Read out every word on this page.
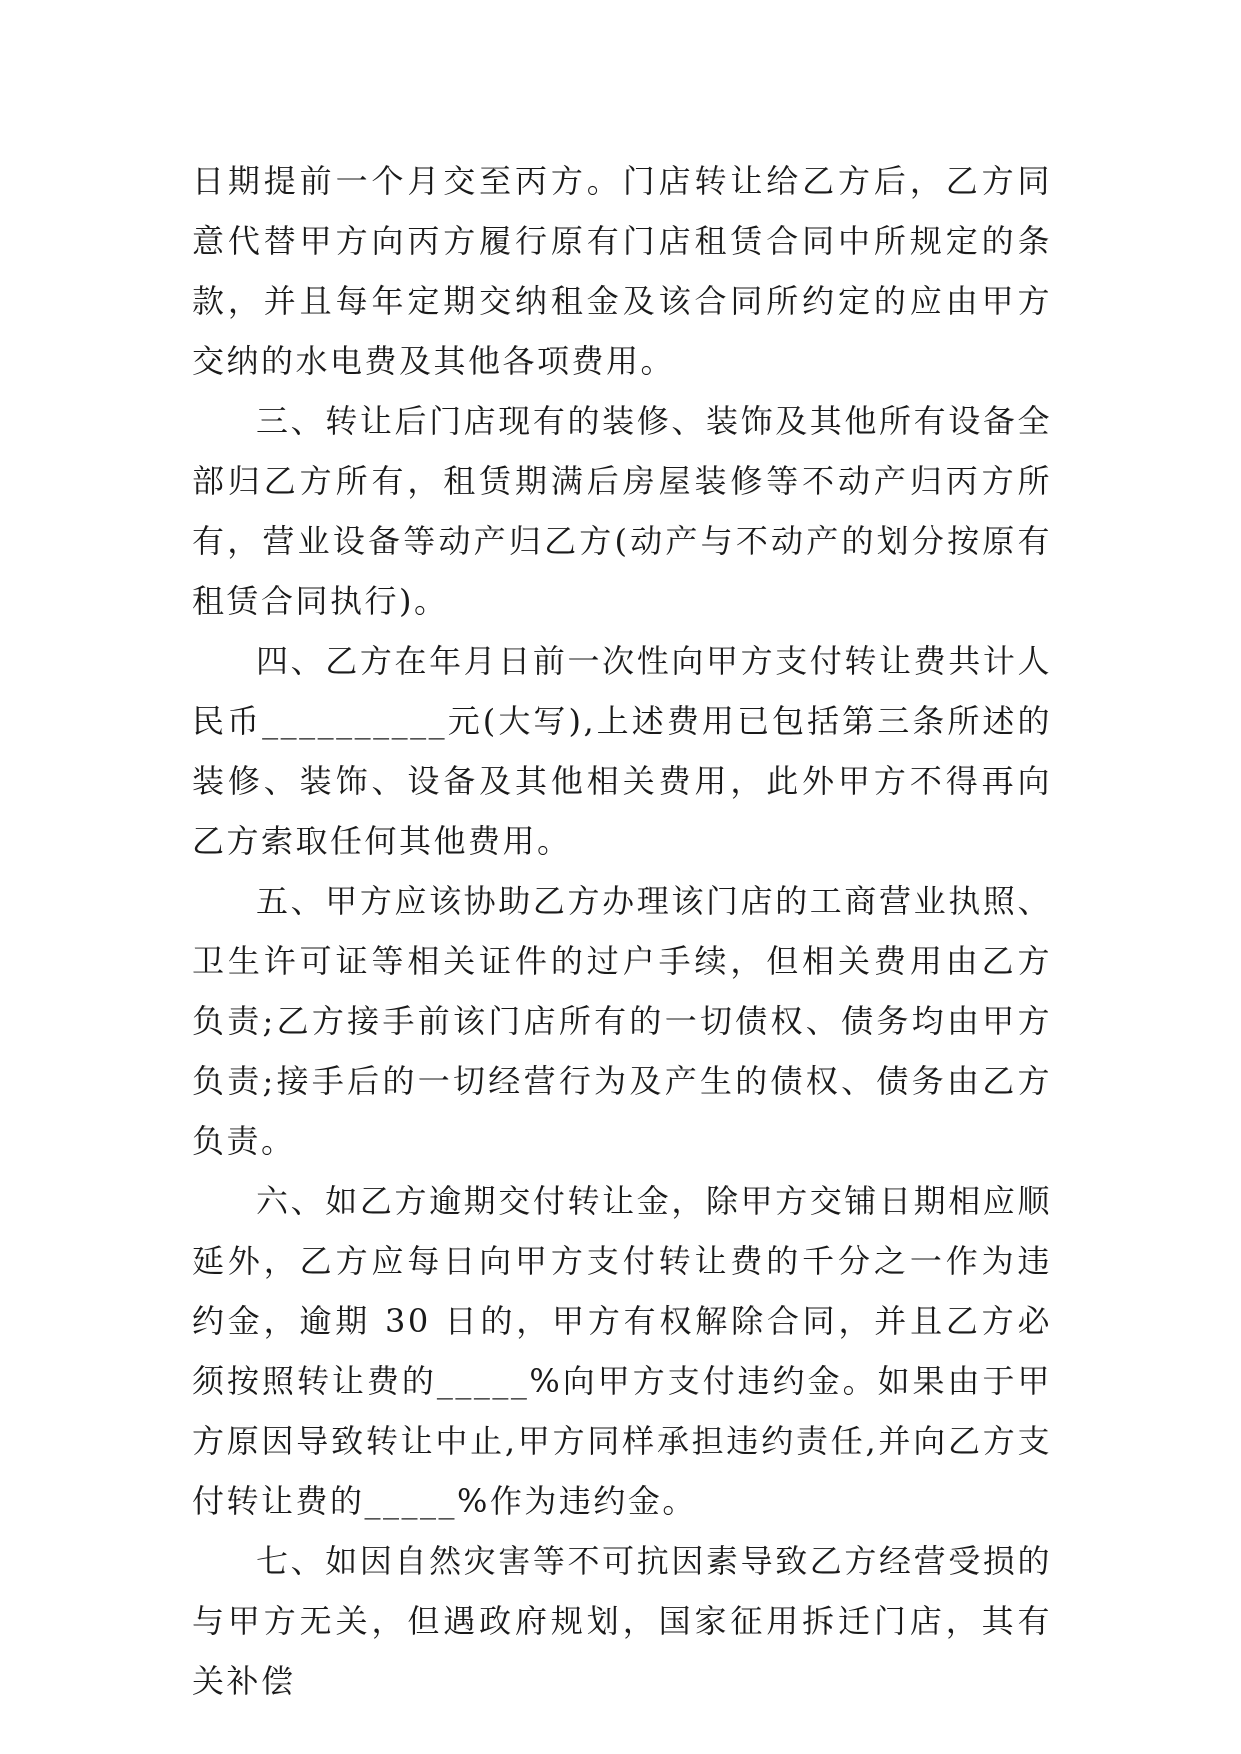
日期提前一个月交至丙方。门店转让给乙方后，乙方同意代替甲方向丙方履行原有门店租赁合同中所规定的条款，并且每年定期交纳租金及该合同所约定的应由甲方交纳的水电费及其他各项费用。

三、转让后门店现有的装修、装饰及其他所有设备全部归乙方所有，租赁期满后房屋装修等不动产归丙方所有，营业设备等动产归乙方(动产与不动产的划分按原有租赁合同执行)。

四、乙方在年月日前一次性向甲方支付转让费共计人民币__________元(大写),上述费用已包括第三条所述的装修、装饰、设备及其他相关费用，此外甲方不得再向乙方索取任何其他费用。

五、甲方应该协助乙方办理该门店的工商营业执照、卫生许可证等相关证件的过户手续，但相关费用由乙方负责;乙方接手前该门店所有的一切债权、债务均由甲方负责;接手后的一切经营行为及产生的债权、债务由乙方负责。

六、如乙方逾期交付转让金，除甲方交铺日期相应顺延外，乙方应每日向甲方支付转让费的千分之一作为违约金，逾期 30 日的，甲方有权解除合同，并且乙方必须按照转让费的_____%向甲方支付违约金。如果由于甲方原因导致转让中止,甲方同样承担违约责任,并向乙方支付转让费的_____%作为违约金。

七、如因自然灾害等不可抗因素导致乙方经营受损的与甲方无关，但遇政府规划，国家征用拆迁门店，其有关补偿
